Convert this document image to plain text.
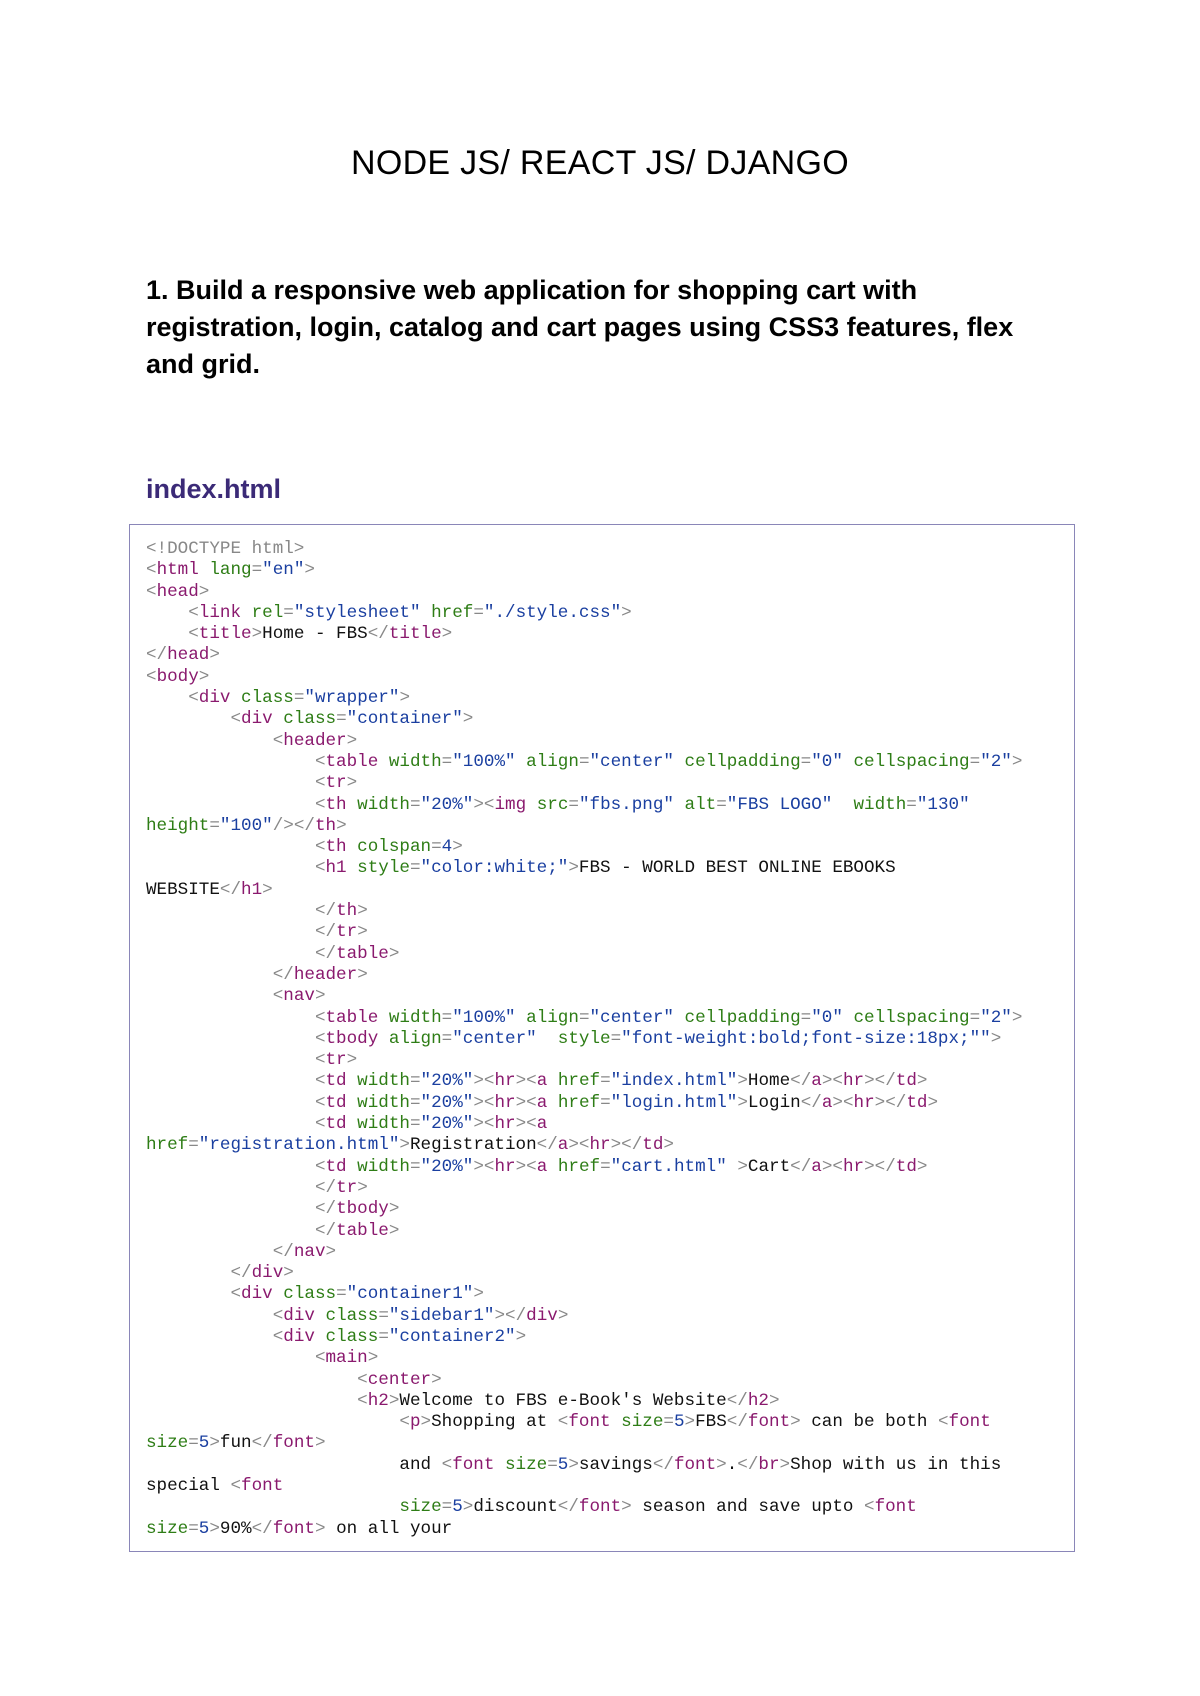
NODE JS/ REACT JS/ DJANGO
1. Build a responsive web application for shopping cart with registration, login, catalog and cart pages using CSS3 features, flex and grid.
index.html
<!DOCTYPE html>
<html lang="en">
<head>
<link rel="stylesheet" href="./style.css">
<title>Home - FBS</title>
</head>
<body>
<div class="wrapper">
<div class="container">
<header>
<table width="100%" align="center" cellpadding="0" cellspacing="2">
<tr>
<th width="20%"><img src="fbs.png" alt="FBS LOGO"  width="130"
height="100"/></th>
<th colspan=4>
<h1 style="color:white;">FBS - WORLD BEST ONLINE EBOOKS
WEBSITE</h1>
</th>
</tr>
</table>
</header>
<nav>
<table width="100%" align="center" cellpadding="0" cellspacing="2">
<tbody align="center"  style="font-weight:bold;font-size:18px;"">
<tr>
<td width="20%"><hr><a href="index.html">Home</a><hr></td>
<td width="20%"><hr><a href="login.html">Login</a><hr></td>
<td width="20%"><hr><a
href="registration.html">Registration</a><hr></td>
<td width="20%"><hr><a href="cart.html" >Cart</a><hr></td>
</tr>
</tbody>
</table>
</nav>
</div>
<div class="container1">
<div class="sidebar1"></div>
<div class="container2">
<main>
<center>
<h2>Welcome to FBS e-Book's Website</h2>
<p>Shopping at <font size=5>FBS</font> can be both <font
size=5>fun</font>
and <font size=5>savings</font>.</br>Shop with us in this
special <font
size=5>discount</font> season and save upto <font
size=5>90%</font> on all your
